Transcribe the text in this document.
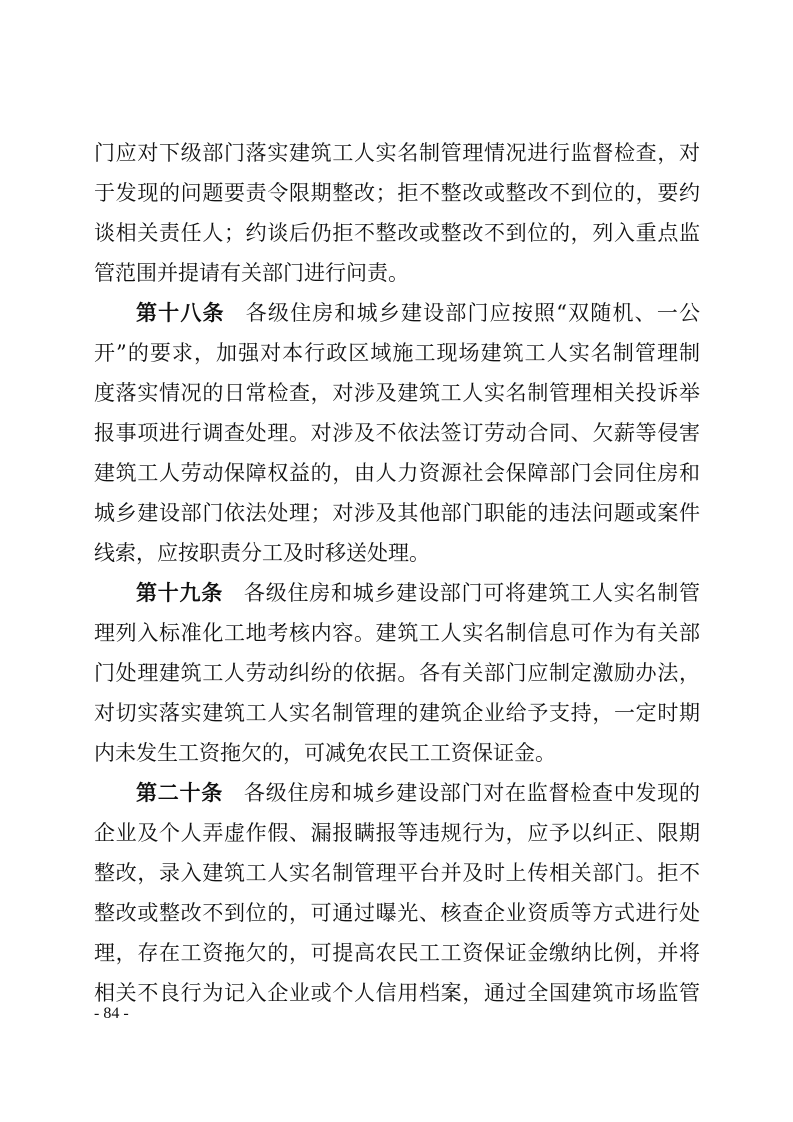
门应对下级部门落实建筑工人实名制管理情况进行监督检查，对
于发现的问题要责令限期整改；拒不整改或整改不到位的，要约
谈相关责任人；约谈后仍拒不整改或整改不到位的，列入重点监
管范围并提请有关部门进行问责。
第十八条 各级住房和城乡建设部门应按照“双随机、一公
开”的要求，加强对本行政区域施工现场建筑工人实名制管理制
度落实情况的日常检查，对涉及建筑工人实名制管理相关投诉举
报事项进行调查处理。对涉及不依法签订劳动合同、欠薪等侵害
建筑工人劳动保障权益的，由人力资源社会保障部门会同住房和
城乡建设部门依法处理；对涉及其他部门职能的违法问题或案件
线索，应按职责分工及时移送处理。
第十九条 各级住房和城乡建设部门可将建筑工人实名制管
理列入标准化工地考核内容。建筑工人实名制信息可作为有关部
门处理建筑工人劳动纠纷的依据。各有关部门应制定激励办法，
对切实落实建筑工人实名制管理的建筑企业给予支持，一定时期
内未发生工资拖欠的，可减免农民工工资保证金。
第二十条 各级住房和城乡建设部门对在监督检查中发现的
企业及个人弄虚作假、漏报瞒报等违规行为，应予以纠正、限期
整改，录入建筑工人实名制管理平台并及时上传相关部门。拒不
整改或整改不到位的，可通过曝光、核查企业资质等方式进行处
理，存在工资拖欠的，可提高农民工工资保证金缴纳比例，并将
相关不良行为记入企业或个人信用档案，通过全国建筑市场监管
- 84 -
